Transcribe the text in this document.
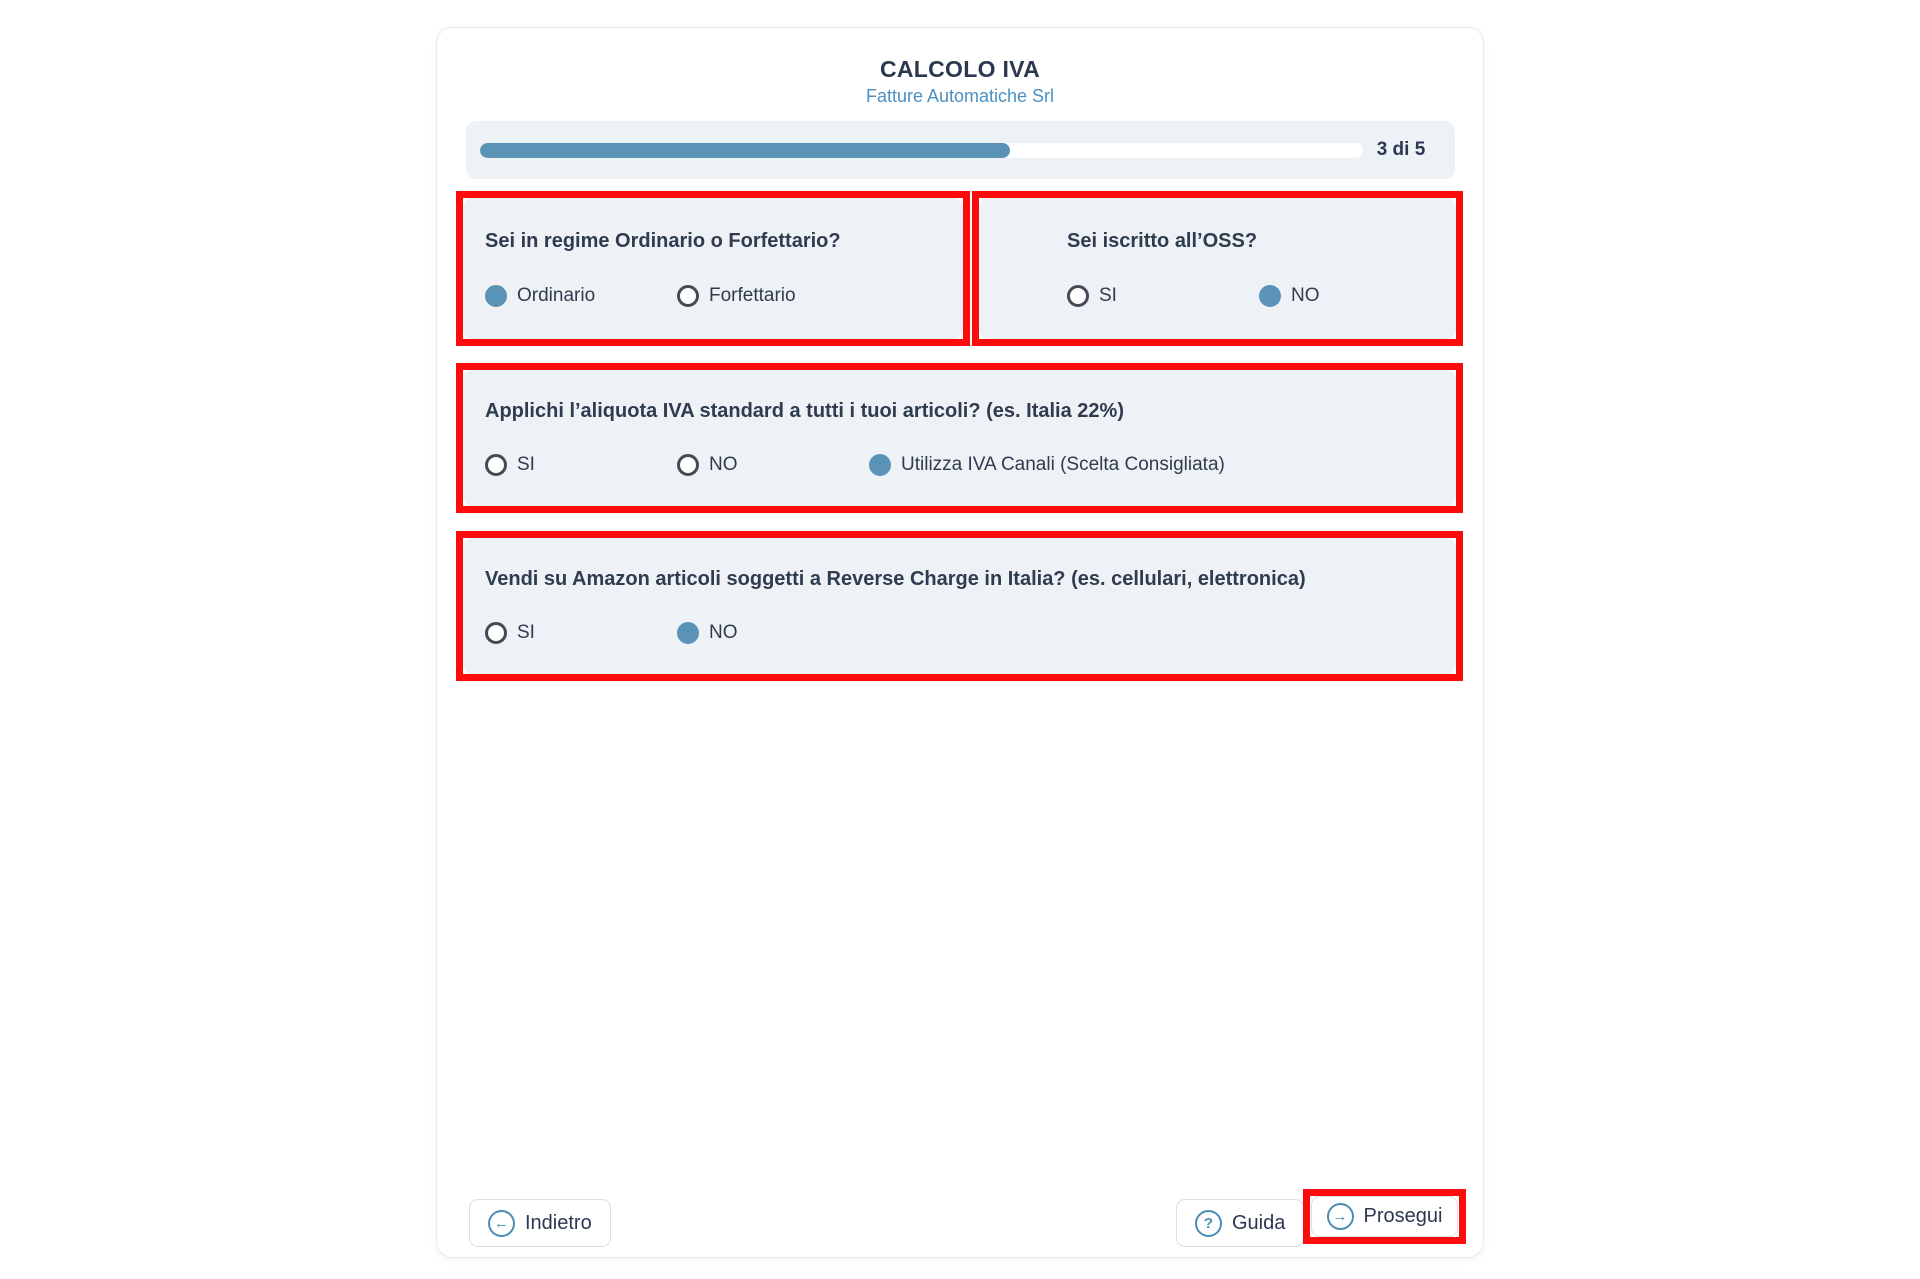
CALCOLO IVA
Fatture Automatiche Srl
3 di 5
Sei in regime Ordinario o Forfettario?
Ordinario	Forfettario
Sei iscritto all’OSS?
SI	NO
Applichi l’aliquota IVA standard a tutti i tuoi articoli? (es. Italia 22%)
SI	NO	Utilizza IVA Canali (Scelta Consigliata)
Vendi su Amazon articoli soggetti a Reverse Charge in Italia? (es. cellulari, elettronica)
SI	NO
← Indietro	? Guida	→ Prosegui
